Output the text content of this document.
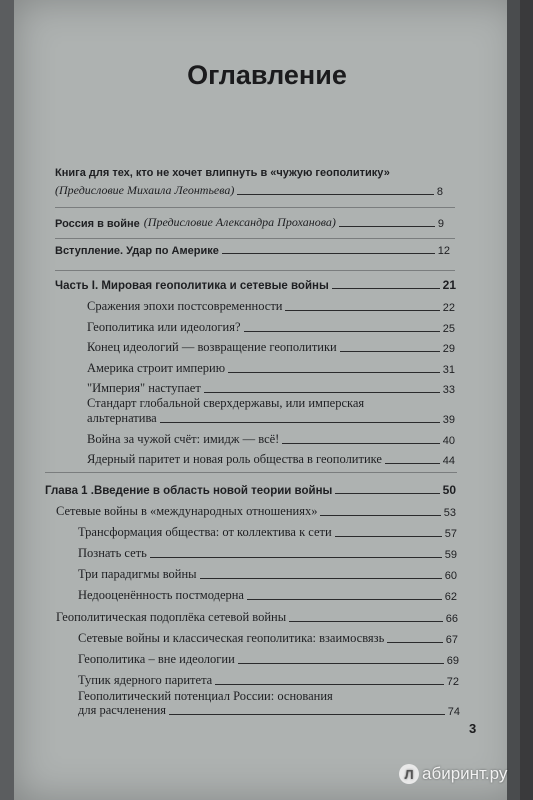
Оглавление
Книга для тех, кто не хочет влипнуть в «чужую геополитику»
(Предисловие Михаила Леонтьева)	8
Россия в войне (Предисловие Александра Проханова)	9
Вступление. Удар по Америке	12
Часть I. Мировая геополитика и сетевые войны	21
Сражения эпохи постсовременности	22
Геополитика или идеология?	25
Конец идеологий — возвращение геополитики	29
Америка строит империю	31
"Империя" наступает	33
Стандарт глобальной сверхдержавы, или имперская
альтернатива	39
Война за чужой счёт: имидж — всё!	40
Ядерный паритет и новая роль общества в геополитике	44
Глава 1 .Введение в область новой теории войны	50
Сетевые войны в «международных отношениях»	53
Трансформация общества: от коллектива к сети	57
Познать сеть	59
Три парадигмы войны	60
Недооценённость постмодерна	62
Геополитическая подоплёка сетевой войны	66
Сетевые войны и классическая геополитика: взаимосвязь	67
Геополитика – вне идеологии	69
Тупик ядерного паритета	72
Геополитический потенциал России: основания
для расчленения	74
3
Л абиринт.ру
